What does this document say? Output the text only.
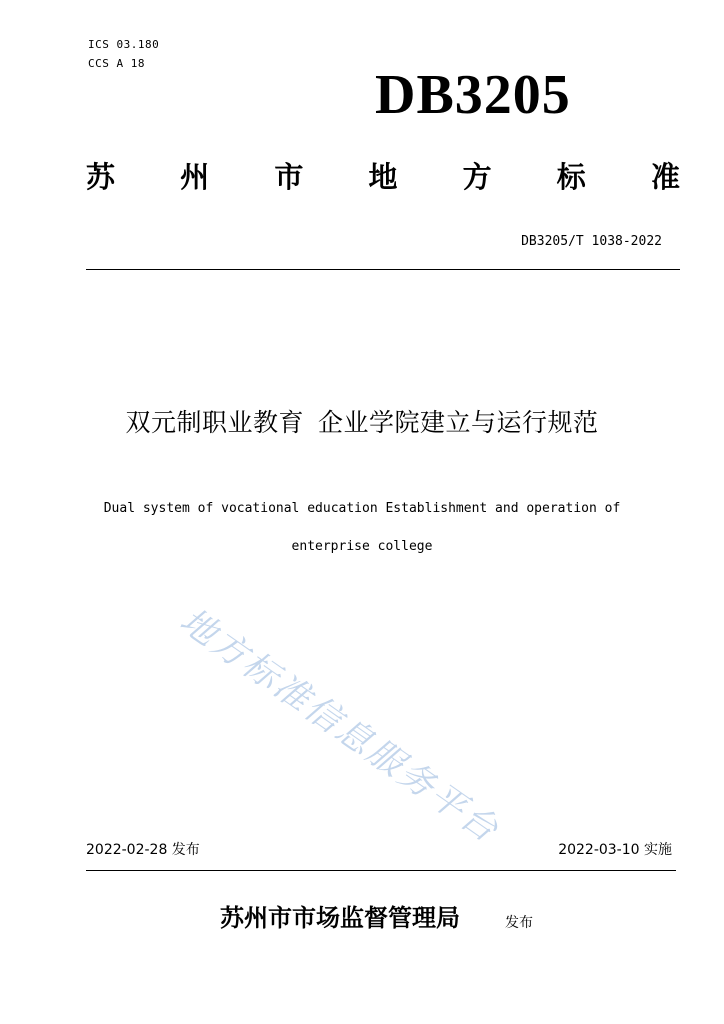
ICS 03.180
CCS A 18
DB3205
苏 州 市 地 方 标 准
DB3205/T 1038-2022
双元制职业教育 企业学院建立与运行规范
Dual system of vocational education Establishment and operation of
enterprise college
地方标准信息服务平台
2022-02-28 发布	2022-03-10 实施
苏州市市场监督管理局	发布
